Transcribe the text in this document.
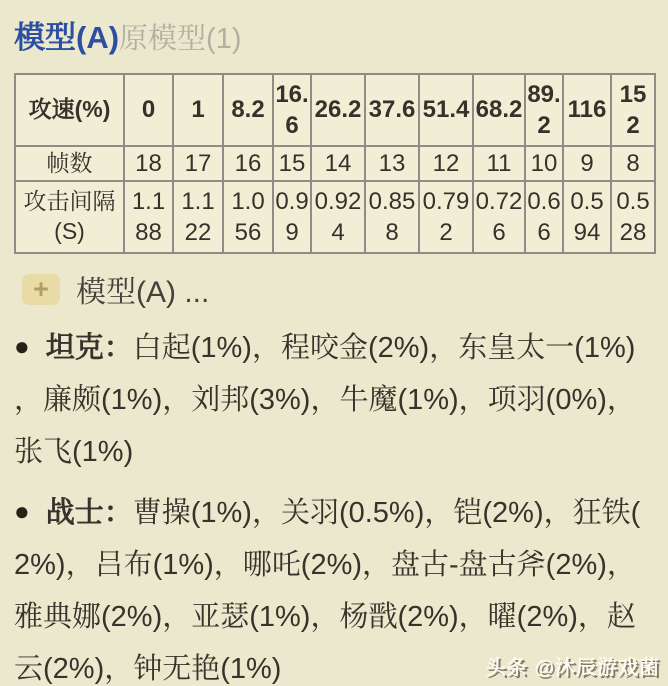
模型(A)原模型(1)
攻速(%)	0	1	8.2	16.6	26.2	37.6	51.4	68.2	89.2	116	152
帧数	18	17	16	15	14	13	12	11	10	9	8
攻击间隔(S)	1.188	1.122	1.056	0.99	0.924	0.858	0.792	0.726	0.66	0.594	0.528
+ 模型(A) ...
● 坦克：白起(1%)，程咬金(2%)，东皇太一(1%)，廉颇(1%)，刘邦(3%)，牛魔(1%)，项羽(0%)，张飞(1%)
● 战士：曹操(1%)，关羽(0.5%)，铠(2%)，狂铁(2%)，吕布(1%)，哪吒(2%)，盘古-盘古斧(2%)，雅典娜(2%)，亚瑟(1%)，杨戬(2%)，曜(2%)，赵云(2%)，钟无艳(1%)	头条 @沐辰游戏菌
